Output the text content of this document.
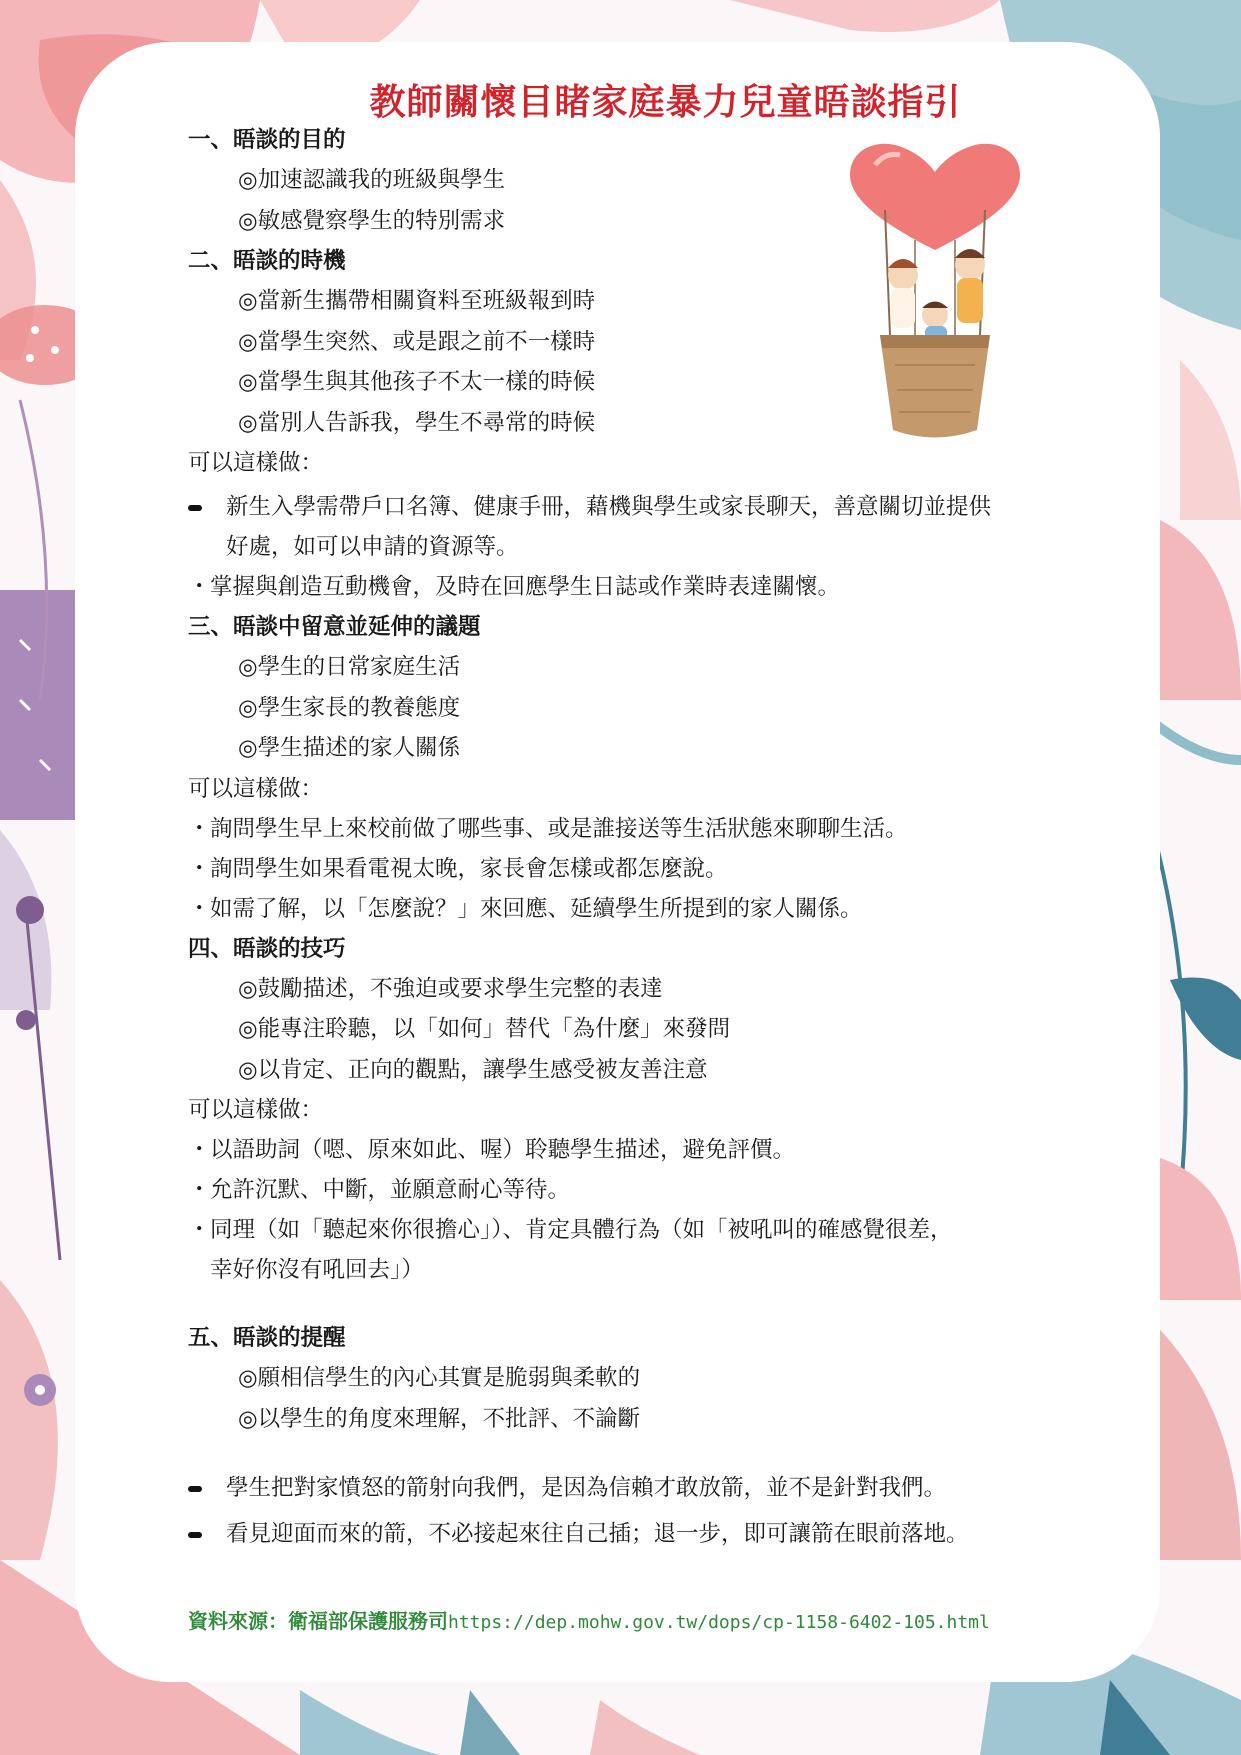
教師關懷目睹家庭暴力兒童晤談指引
一、晤談的目的
◎加速認識我的班級與學生
◎敏感覺察學生的特別需求
二、晤談的時機
◎當新生攜帶相關資料至班級報到時
◎當學生突然、或是跟之前不一樣時
◎當學生與其他孩子不太一樣的時候
◎當別人告訴我，學生不尋常的時候
可以這樣做：
新生入學需帶戶口名簿、健康手冊，藉機與學生或家長聊天，善意關切並提供好處，如可以申請的資源等。
・ 掌握與創造互動機會，及時在回應學生日誌或作業時表達關懷。
三、晤談中留意並延伸的議題
◎學生的日常家庭生活
◎學生家長的教養態度
◎學生描述的家人關係
可以這樣做：
・ 詢問學生早上來校前做了哪些事、或是誰接送等生活狀態來聊聊生活。
・ 詢問學生如果看電視太晚，家長會怎樣或都怎麼說。
・ 如需了解，以「怎麼說？」來回應、延續學生所提到的家人關係。
四、晤談的技巧
◎鼓勵描述，不強迫或要求學生完整的表達
◎能專注聆聽，以「如何」替代「為什麼」來發問
◎以肯定、正向的觀點，讓學生感受被友善注意
可以這樣做：
・ 以語助詞（嗯、原來如此、喔）聆聽學生描述，避免評價。
・ 允許沉默、中斷，並願意耐心等待。
・ 同理（如「聽起來你很擔心」）、肯定具體行為（如「被吼叫的確感覺很差， 幸好你沒有吼回去」）
五、晤談的提醒
◎願相信學生的內心其實是脆弱與柔軟的
◎以學生的角度來理解，不批評、不論斷
學生把對家憤怒的箭射向我們，是因為信賴才敢放箭，並不是針對我們。
看見迎面而來的箭，不必接起來往自己插；退一步，即可讓箭在眼前落地。
資料來源：衛福部保護服務司https://dep.mohw.gov.tw/dops/cp-1158-6402-105.html
